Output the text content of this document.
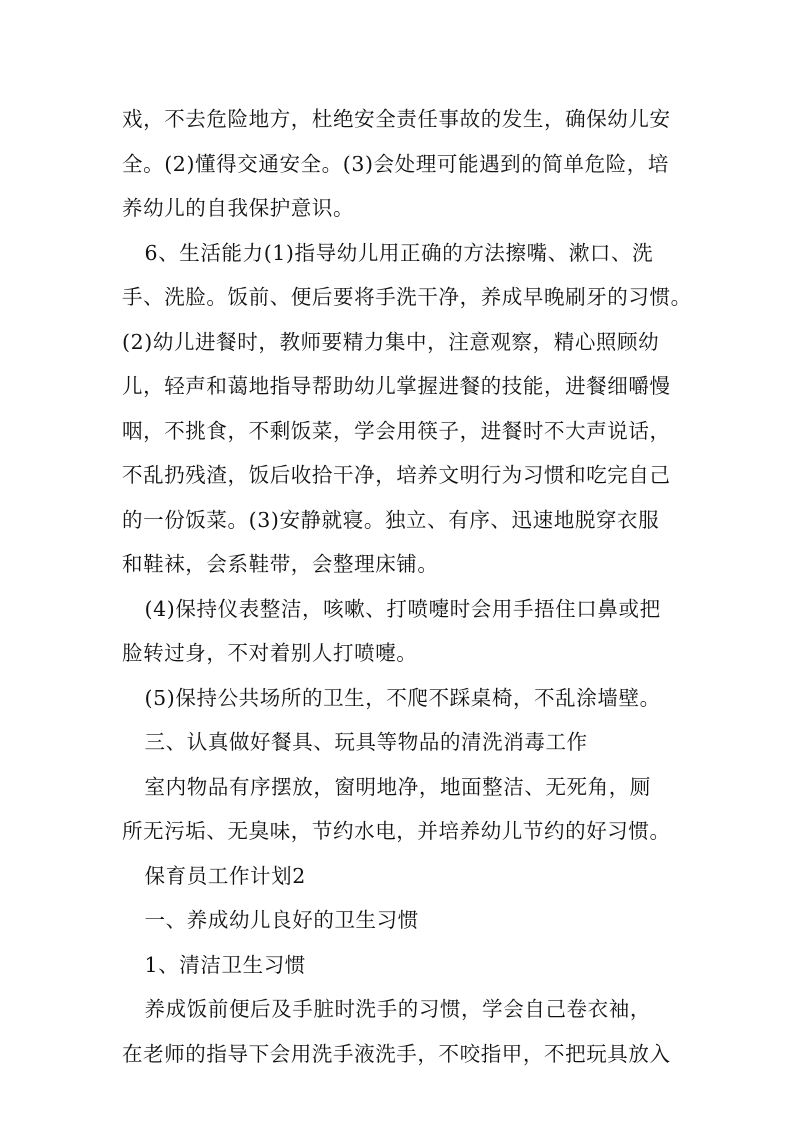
戏，不去危险地方，杜绝安全责任事故的发生，确保幼儿安

全。(2)懂得交通安全。(3)会处理可能遇到的简单危险，培

养幼儿的自我保护意识。

6、生活能力(1)指导幼儿用正确的方法擦嘴、漱口、洗

手、洗脸。饭前、便后要将手洗干净，养成早晚刷牙的习惯。

(2)幼儿进餐时，教师要精力集中，注意观察，精心照顾幼

儿，轻声和蔼地指导帮助幼儿掌握进餐的技能，进餐细嚼慢

咽，不挑食，不剩饭菜，学会用筷子，进餐时不大声说话，

不乱扔残渣，饭后收拾干净，培养文明行为习惯和吃完自己

的一份饭菜。(3)安静就寝。独立、有序、迅速地脱穿衣服

和鞋袜，会系鞋带，会整理床铺。

(4)保持仪表整洁，咳嗽、打喷嚏时会用手捂住口鼻或把

脸转过身，不对着别人打喷嚏。

(5)保持公共场所的卫生，不爬不踩桌椅，不乱涂墙壁。

三、认真做好餐具、玩具等物品的清洗消毒工作

室内物品有序摆放，窗明地净，地面整洁、无死角，厕

所无污垢、无臭味，节约水电，并培养幼儿节约的好习惯。

保育员工作计划2

一、养成幼儿良好的卫生习惯

1、清洁卫生习惯

养成饭前便后及手脏时洗手的习惯，学会自己卷衣袖，

在老师的指导下会用洗手液洗手，不咬指甲，不把玩具放入
